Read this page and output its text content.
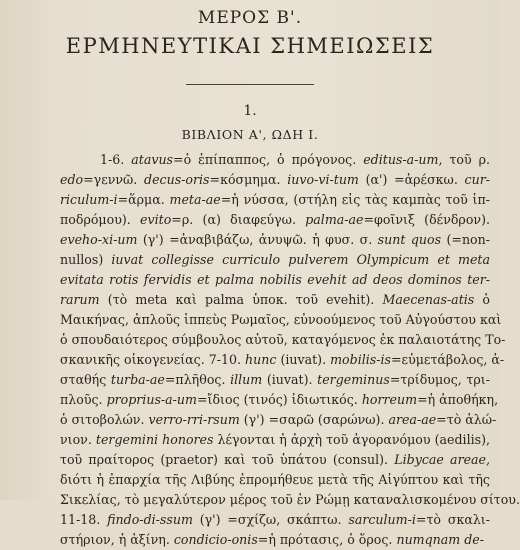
ΜΕΡΟΣ Β'.
ΕΡΜΗΝΕΥΤΙΚΑΙ ΣΗΜΕΙΩΣΕΙΣ
1.
ΒΙΒΛΙΟΝ Α', ΩΔΗ Ι.
1-6. atavus=ὁ ἐπίπαππος, ὁ πρόγονος. editus-a-um, τοῦ ρ.
edo=γεννῶ. decus-oris=κόσμημα. iuvo-vi-tum (α') =ἀρέσκω. cur-
riculum-i=ἅρμα. meta-ae=ἡ νύσσα, (στήλη εἰς τὰς καμπὰς τοῦ ἱπ-
ποδρόμου). evito=ρ. (α) διαφεύγω. palma-ae=φοῖνιξ (δένδρον).
eveho-xi-um (γ') =ἀναβιβάζω, ἀνυψῶ. ἡ φυσ. σ. sunt quos (=non-
nullos) iuvat collegisse curriculo pulverem Olympicum et meta
evitata rotis fervidis et palma nobilis evehit ad deos dominos ter-
rarum (τὸ meta καὶ palma ὑποκ. τοῦ evehit). Maecenas-atis ὁ
Μαικήνας, ἁπλοῦς ἱππεὺς Ρωμαῖος, εὐνοούμενος τοῦ Αὐγούστου καὶ
ὁ σπουδαιότερος σύμβουλος αὐτοῦ, καταγόμενος ἐκ παλαιοτάτης Το-
σκανικῆς οἰκογενείας. 7-10. hunc (iuvat). mobilis-is=εὐμετάβολος, ἀ-
σταθής turba-ae=πλῆθος. illum (iuvat). tergeminus=τρίδυμος, τρι-
πλοῦς. proprius-a-um=ἴδιος (τινός) ἰδιωτικός. horreum=ἡ ἀποθήκη,
ὁ σιτοβολών. verro-rri-rsum (γ') =σαρῶ (σαρώνω). area-ae=τὸ ἀλώ-
νιον. tergemini honores λέγονται ἡ ἀρχὴ τοῦ ἀγορανόμου (aedilis),
τοῦ πραίτορος (praetor) καὶ τοῦ ὑπάτου (consul). Libycae areae,
διότι ἡ ἐπαρχία τῆς Λιβύης ἐπρομήθευε μετὰ τῆς Αἰγύπτου καὶ τῆς
Σικελίας, τὸ μεγαλύτερον μέρος τοῦ ἐν Ρώμῃ καταναλισκομένου σίτου.
11-18. findo-di-ssum (γ') =σχίζω, σκάπτω. sarculum-i=τὸ σκαλι-
στήριον, ἡ ἀξίνη. condicio-onis=ἡ πρότασις, ὁ ὅρος. numqnam de-
